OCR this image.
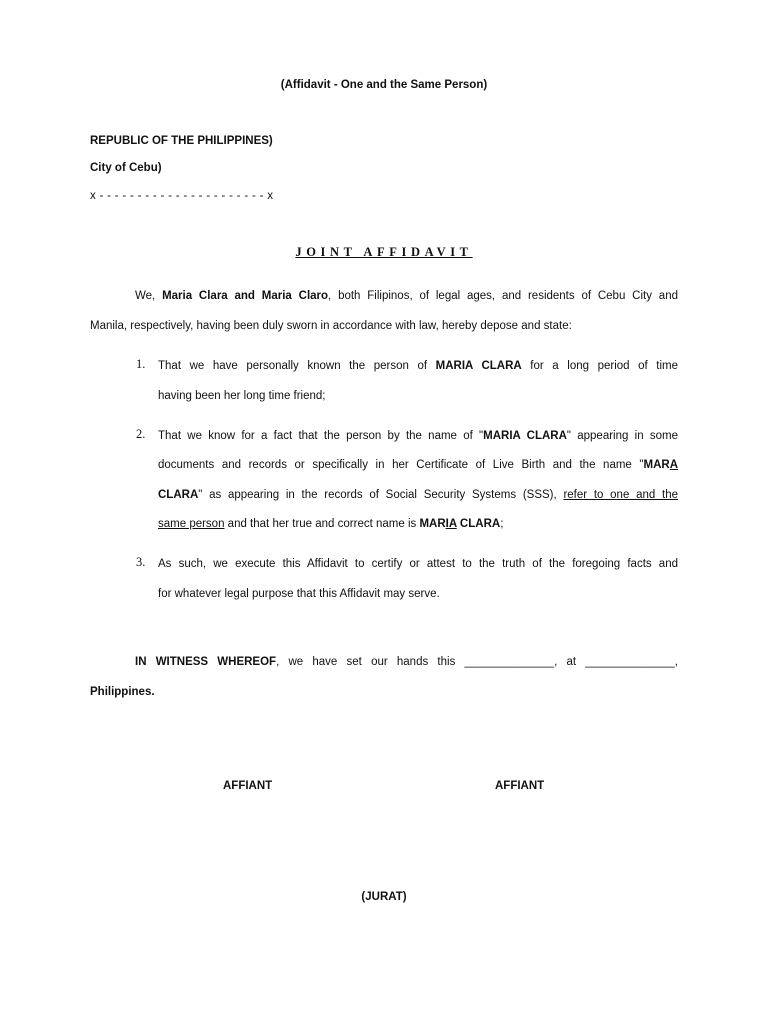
(Affidavit - One and the Same Person)
REPUBLIC OF THE PHILIPPINES)
City of Cebu)
x - - - - - - - - - - - - - - - - - - - - - - x
JOINT AFFIDAVIT
We, Maria Clara and Maria Claro, both Filipinos, of legal ages, and residents of Cebu City and
Manila, respectively, having been duly sworn in accordance with law, hereby depose and state:
1. That we have personally known the person of MARIA CLARA for a long period of time
having been her long time friend;
2. That we know for a fact that the person by the name of "MARIA CLARA" appearing in some
documents and records or specifically in her Certificate of Live Birth and the name "MARA
CLARA" as appearing in the records of Social Security Systems (SSS), refer to one and the
same person and that her true and correct name is MARIA CLARA;
3. As such, we execute this Affidavit to certify or attest to the truth of the foregoing facts and
for whatever legal purpose that this Affidavit may serve.
IN WITNESS WHEREOF, we have set our hands this ______________, at ______________,
Philippines.
AFFIANT	AFFIANT
(JURAT)
